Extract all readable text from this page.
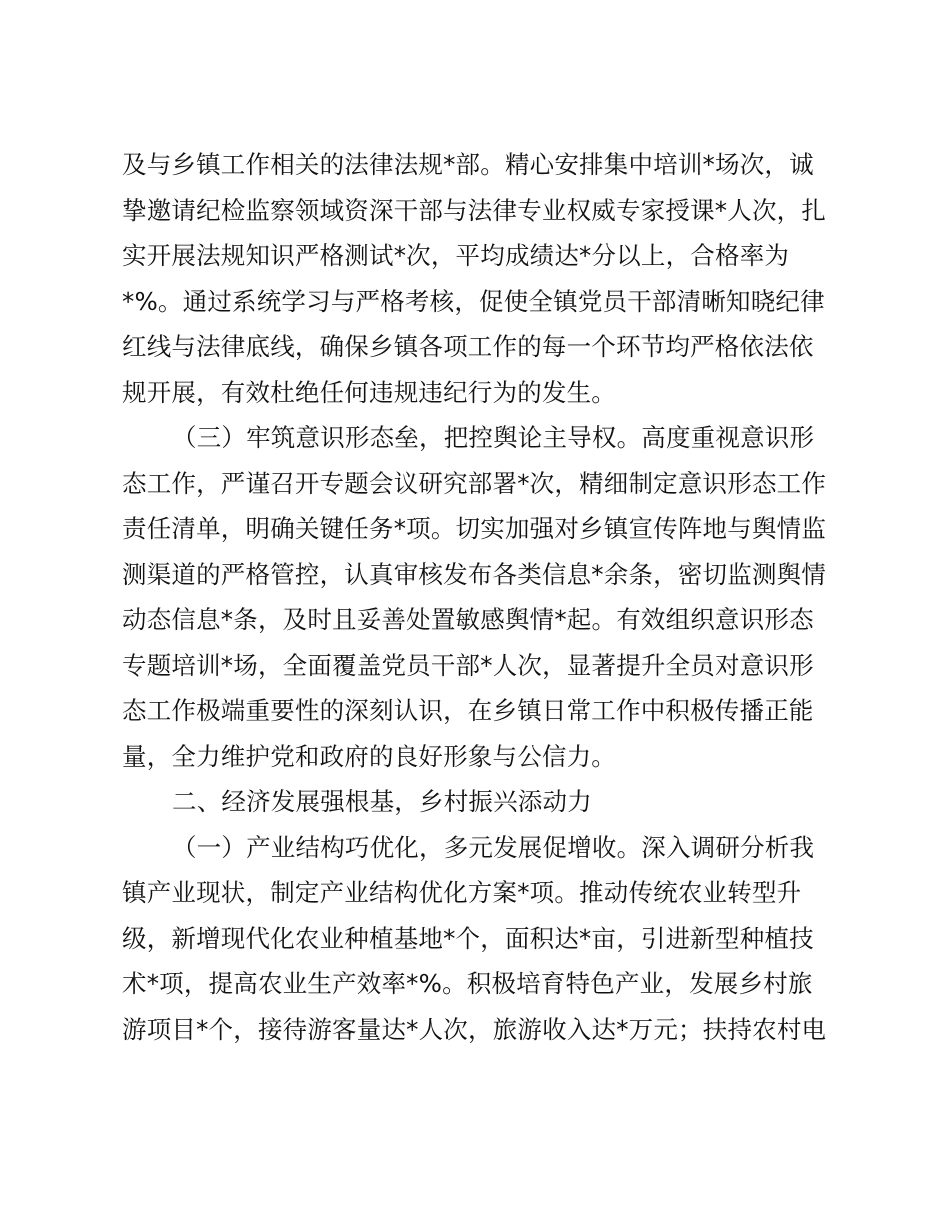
及与乡镇工作相关的法律法规*部。精心安排集中培训*场次，诚
挚邀请纪检监察领域资深干部与法律专业权威专家授课*人次，扎
实开展法规知识严格测试*次，平均成绩达*分以上，合格率为
*%。通过系统学习与严格考核，促使全镇党员干部清晰知晓纪律
红线与法律底线，确保乡镇各项工作的每一个环节均严格依法依
规开展，有效杜绝任何违规违纪行为的发生。
（三）牢筑意识形态垒，把控舆论主导权。高度重视意识形
态工作，严谨召开专题会议研究部署*次，精细制定意识形态工作
责任清单，明确关键任务*项。切实加强对乡镇宣传阵地与舆情监
测渠道的严格管控，认真审核发布各类信息*余条，密切监测舆情
动态信息*条，及时且妥善处置敏感舆情*起。有效组织意识形态
专题培训*场，全面覆盖党员干部*人次，显著提升全员对意识形
态工作极端重要性的深刻认识，在乡镇日常工作中积极传播正能
量，全力维护党和政府的良好形象与公信力。
二、经济发展强根基，乡村振兴添动力
（一）产业结构巧优化，多元发展促增收。深入调研分析我
镇产业现状，制定产业结构优化方案*项。推动传统农业转型升
级，新增现代化农业种植基地*个，面积达*亩，引进新型种植技
术*项，提高农业生产效率*%。积极培育特色产业，发展乡村旅
游项目*个，接待游客量达*人次，旅游收入达*万元；扶持农村电
